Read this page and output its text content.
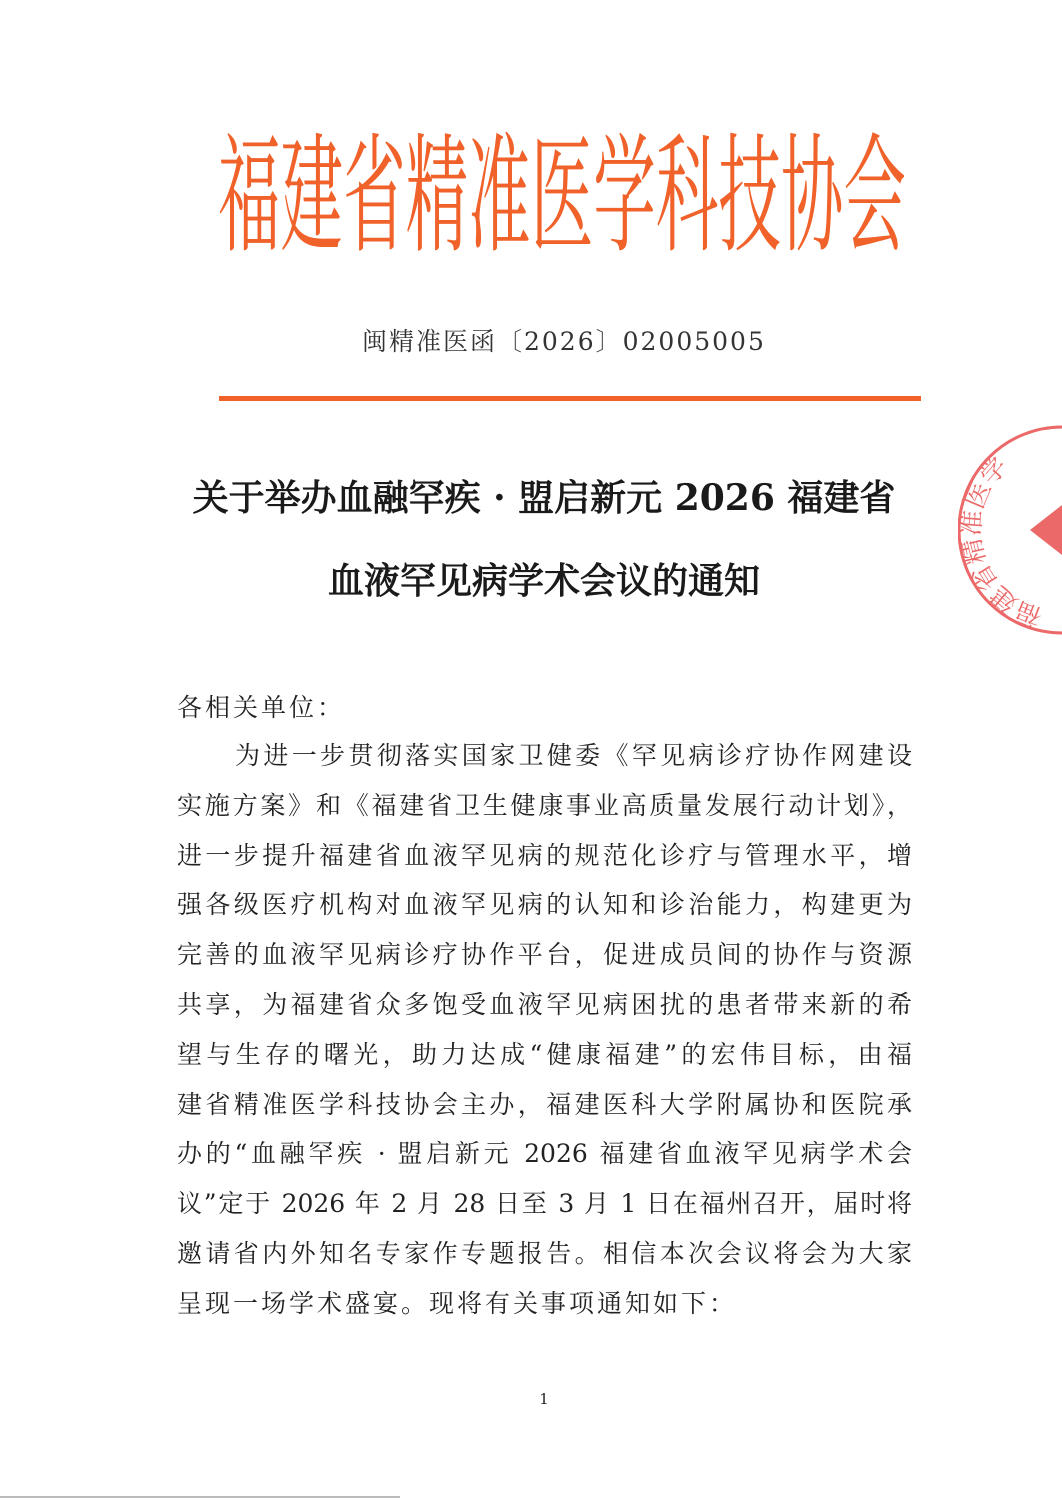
福建省精准医学科技协会
闽精准医函〔2026〕02005005
福建省精准医学
关于举办血融罕疾 · 盟启新元 2026 福建省
血液罕见病学术会议的通知
各相关单位：
为进一步贯彻落实国家卫健委《罕见病诊疗协作网建设
实施方案》和《福建省卫生健康事业高质量发展行动计划》，
进一步提升福建省血液罕见病的规范化诊疗与管理水平，增
强各级医疗机构对血液罕见病的认知和诊治能力，构建更为
完善的血液罕见病诊疗协作平台，促进成员间的协作与资源
共享，为福建省众多饱受血液罕见病困扰的患者带来新的希
望与生存的曙光，助力达成“健康福建”的宏伟目标，由福
建省精准医学科技协会主办，福建医科大学附属协和医院承
办的“血融罕疾 · 盟启新元 2026 福建省血液罕见病学术会
议”定于 2026 年 2 月 28 日至 3 月 1 日在福州召开，届时将
邀请省内外知名专家作专题报告。相信本次会议将会为大家
呈现一场学术盛宴。现将有关事项通知如下：
1
